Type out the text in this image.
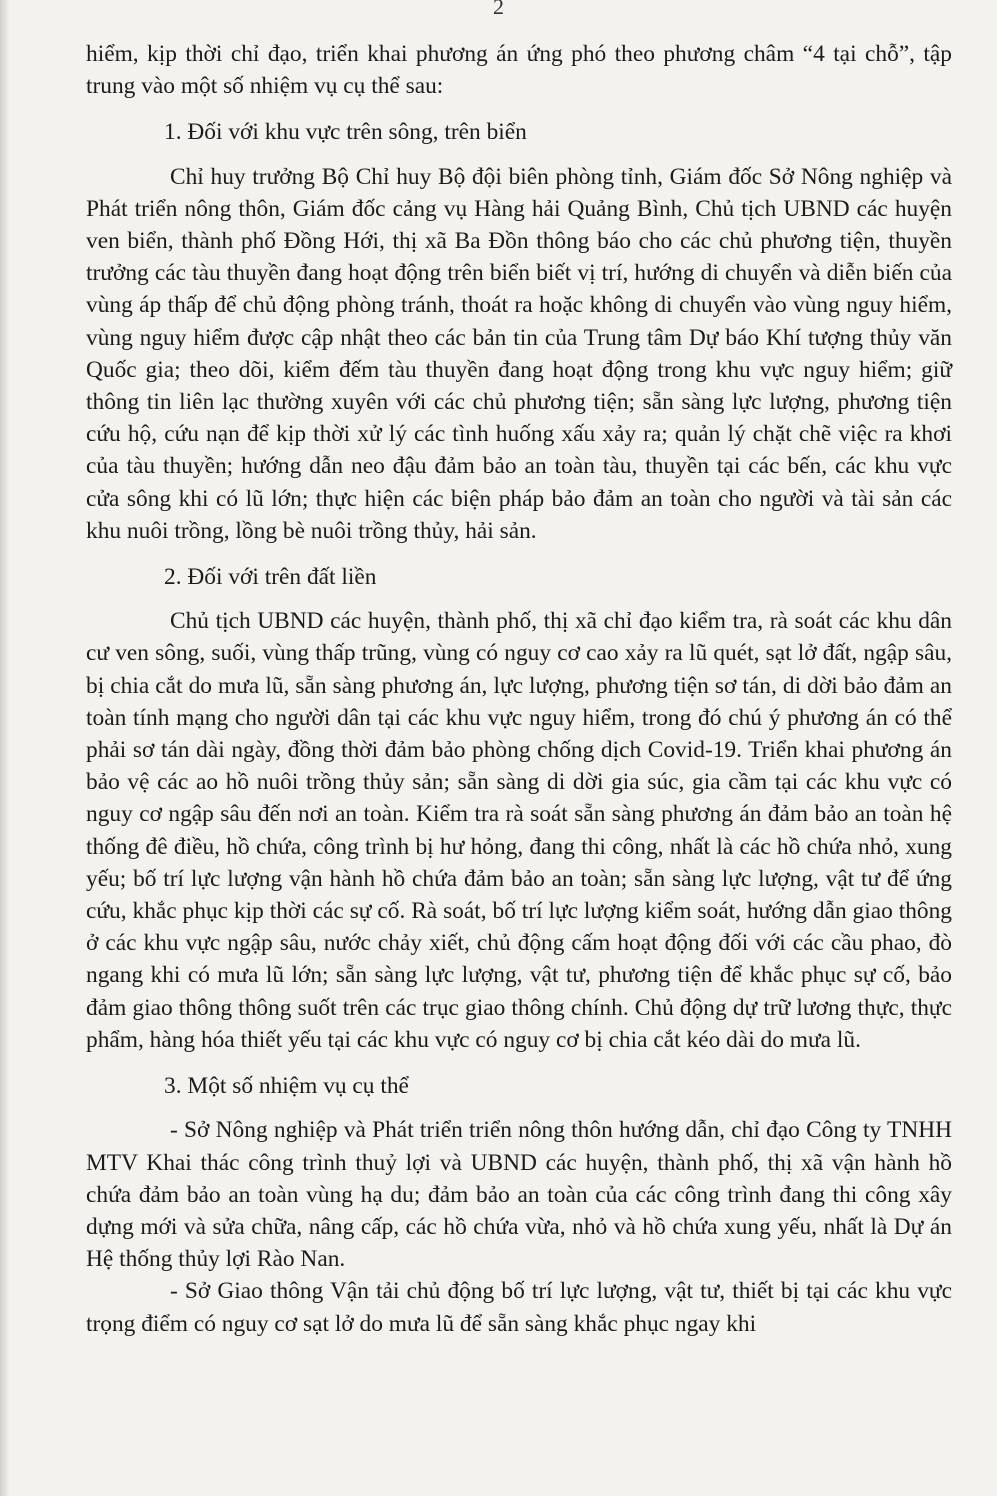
2

hiểm, kịp thời chỉ đạo, triển khai phương án ứng phó theo phương châm “4 tại chỗ”, tập trung vào một số nhiệm vụ cụ thể sau:

1. Đối với khu vực trên sông, trên biển

Chỉ huy trưởng Bộ Chỉ huy Bộ đội biên phòng tỉnh, Giám đốc Sở Nông nghiệp và Phát triển nông thôn, Giám đốc cảng vụ Hàng hải Quảng Bình, Chủ tịch UBND các huyện ven biển, thành phố Đồng Hới, thị xã Ba Đồn thông báo cho các chủ phương tiện, thuyền trưởng các tàu thuyền đang hoạt động trên biển biết vị trí, hướng di chuyển và diễn biến của vùng áp thấp để chủ động phòng tránh, thoát ra hoặc không di chuyển vào vùng nguy hiểm, vùng nguy hiểm được cập nhật theo các bản tin của Trung tâm Dự báo Khí tượng thủy văn Quốc gia; theo dõi, kiểm đếm tàu thuyền đang hoạt động trong khu vực nguy hiểm; giữ thông tin liên lạc thường xuyên với các chủ phương tiện; sẵn sàng lực lượng, phương tiện cứu hộ, cứu nạn để kịp thời xử lý các tình huống xấu xảy ra; quản lý chặt chẽ việc ra khơi của tàu thuyền; hướng dẫn neo đậu đảm bảo an toàn tàu, thuyền tại các bến, các khu vực cửa sông khi có lũ lớn; thực hiện các biện pháp bảo đảm an toàn cho người và tài sản các khu nuôi trồng, lồng bè nuôi trồng thủy, hải sản.

2. Đối với trên đất liền

Chủ tịch UBND các huyện, thành phố, thị xã chỉ đạo kiểm tra, rà soát các khu dân cư ven sông, suối, vùng thấp trũng, vùng có nguy cơ cao xảy ra lũ quét, sạt lở đất, ngập sâu, bị chia cắt do mưa lũ, sẵn sàng phương án, lực lượng, phương tiện sơ tán, di dời bảo đảm an toàn tính mạng cho người dân tại các khu vực nguy hiểm, trong đó chú ý phương án có thể phải sơ tán dài ngày, đồng thời đảm bảo phòng chống dịch Covid-19. Triển khai phương án bảo vệ các ao hồ nuôi trồng thủy sản; sẵn sàng di dời gia súc, gia cầm tại các khu vực có nguy cơ ngập sâu đến nơi an toàn. Kiểm tra rà soát sẵn sàng phương án đảm bảo an toàn hệ thống đê điều, hồ chứa, công trình bị hư hỏng, đang thi công, nhất là các hồ chứa nhỏ, xung yếu; bố trí lực lượng vận hành hồ chứa đảm bảo an toàn; sẵn sàng lực lượng, vật tư để ứng cứu, khắc phục kịp thời các sự cố. Rà soát, bố trí lực lượng kiểm soát, hướng dẫn giao thông ở các khu vực ngập sâu, nước chảy xiết, chủ động cấm hoạt động đối với các cầu phao, đò ngang khi có mưa lũ lớn; sẵn sàng lực lượng, vật tư, phương tiện để khắc phục sự cố, bảo đảm giao thông thông suốt trên các trục giao thông chính. Chủ động dự trữ lương thực, thực phẩm, hàng hóa thiết yếu tại các khu vực có nguy cơ bị chia cắt kéo dài do mưa lũ.

3. Một số nhiệm vụ cụ thể

- Sở Nông nghiệp và Phát triển triển nông thôn hướng dẫn, chỉ đạo Công ty TNHH MTV Khai thác công trình thuỷ lợi và UBND các huyện, thành phố, thị xã vận hành hồ chứa đảm bảo an toàn vùng hạ du; đảm bảo an toàn của các công trình đang thi công xây dựng mới và sửa chữa, nâng cấp, các hồ chứa vừa, nhỏ và hồ chứa xung yếu, nhất là Dự án Hệ thống thủy lợi Rào Nan.

- Sở Giao thông Vận tải chủ động bố trí lực lượng, vật tư, thiết bị tại các khu vực trọng điểm có nguy cơ sạt lở do mưa lũ để sẵn sàng khắc phục ngay khi
